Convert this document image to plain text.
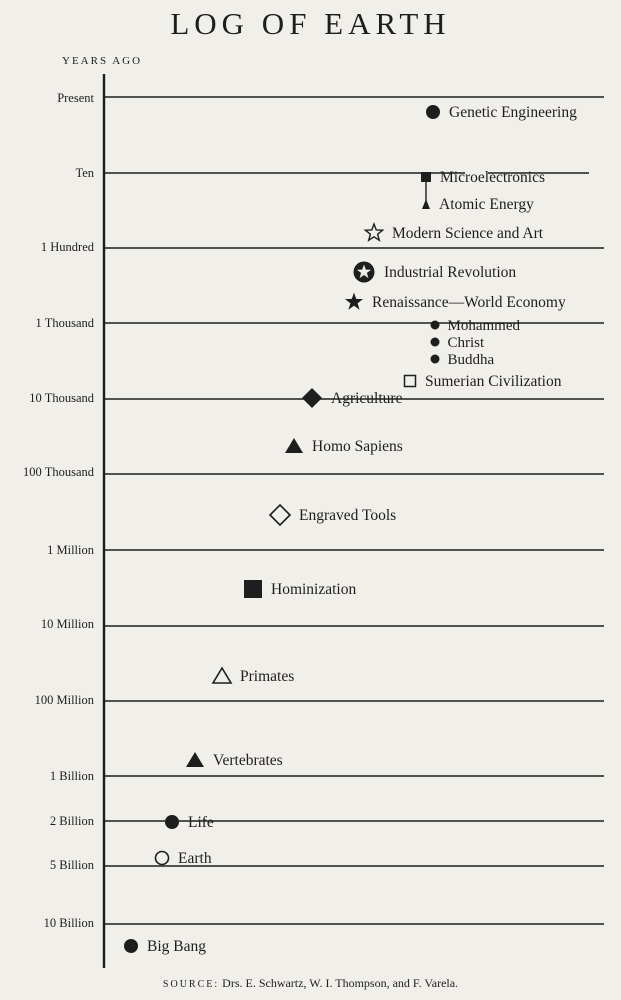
LOG OF EARTH
YEARS AGO
Present
Ten
1 Hundred
1 Thousand
10 Thousand
100 Thousand
1 Million
10 Million
100 Million
1 Billion
2 Billion
5 Billion
10 Billion
Genetic Engineering
Microelectronics
Atomic Energy
Modern Science and Art
Industrial Revolution
Renaissance—World Economy
Mohammed
Christ
Buddha
Sumerian Civilization
Agriculture
Homo Sapiens
Engraved Tools
Hominization
Primates
Vertebrates
Life
Earth
Big Bang
SOURCE: Drs. E. Schwartz, W. I. Thompson, and F. Varela.
